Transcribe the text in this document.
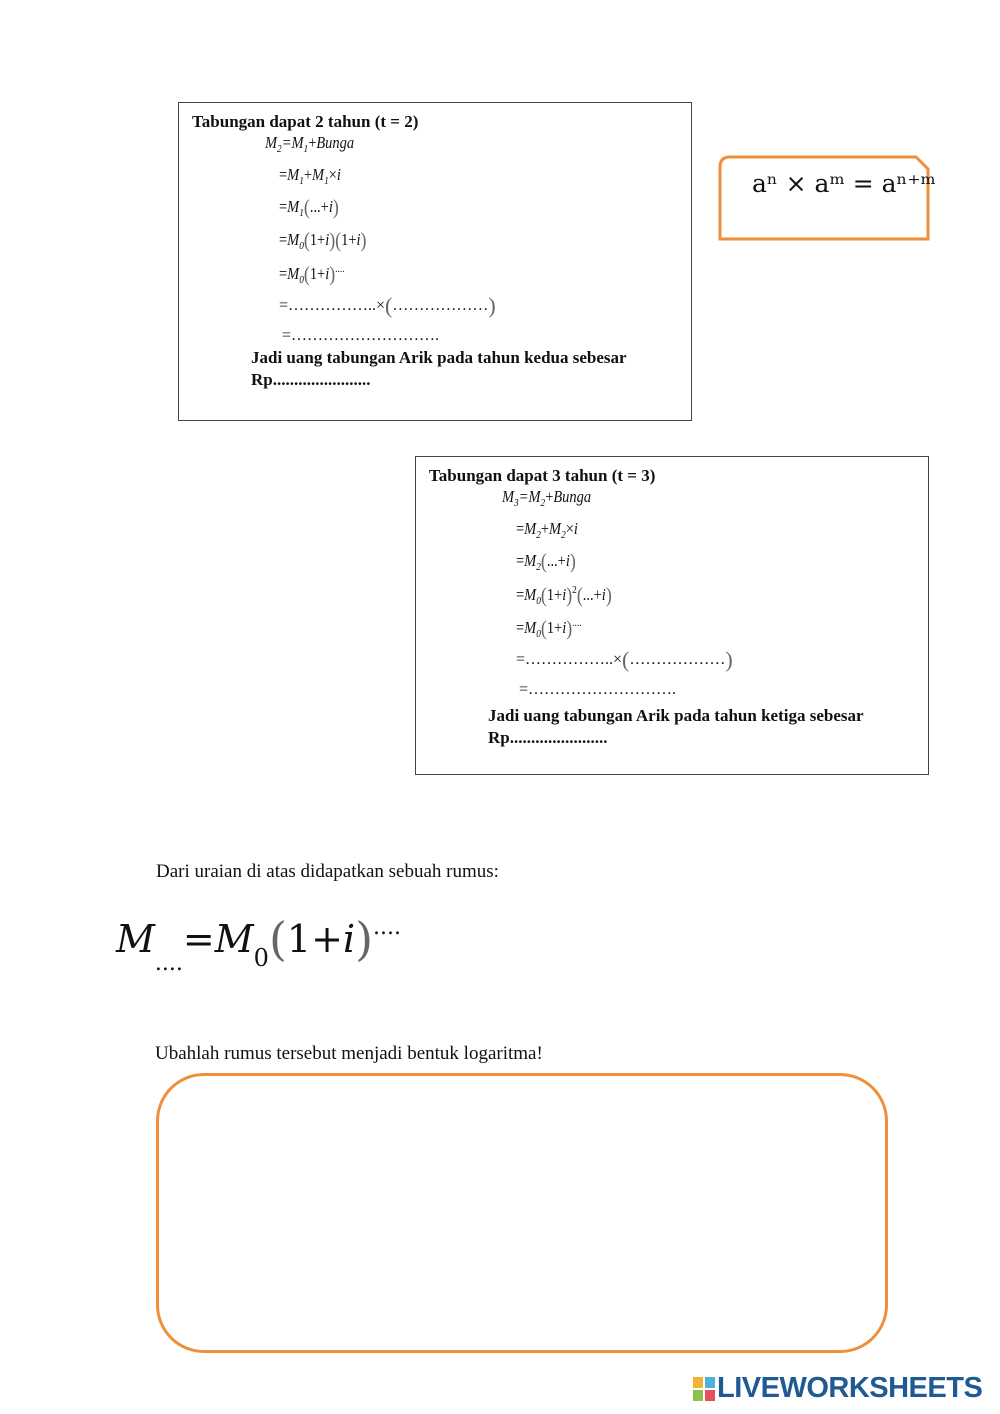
Tabungan dapat 2 tahun (t = 2)
$M_2=M_1+Bunga$
$=M_1+M_1\times i$
$=M_1(...+i)$
$=M_0(1+i)(1+i)$
$=M_0(1+i)^{....}$
=……………..×(………………)
=……………………….
Jadi uang tabungan Arik pada tahun kedua sebesar
Rp.......................
aⁿ × aᵐ = aⁿ⁺ᵐ
Tabungan dapat 3 tahun (t = 3)
$M_3=M_2+Bunga$
$=M_2+M_2\times i$
$=M_2(...+i)$
$=M_0(1+i)^2(...+i)$
$=M_0(1+i)^{....}$
=……………..×(………………)
=……………………….
Jadi uang tabungan Arik pada tahun ketiga sebesar
Rp.......................
Dari uraian di atas didapatkan sebuah rumus:
$M_{....}=M_0(1+i)^{....}$
Ubahlah rumus tersebut menjadi bentuk logaritma!
LIVEWORKSHEETS
